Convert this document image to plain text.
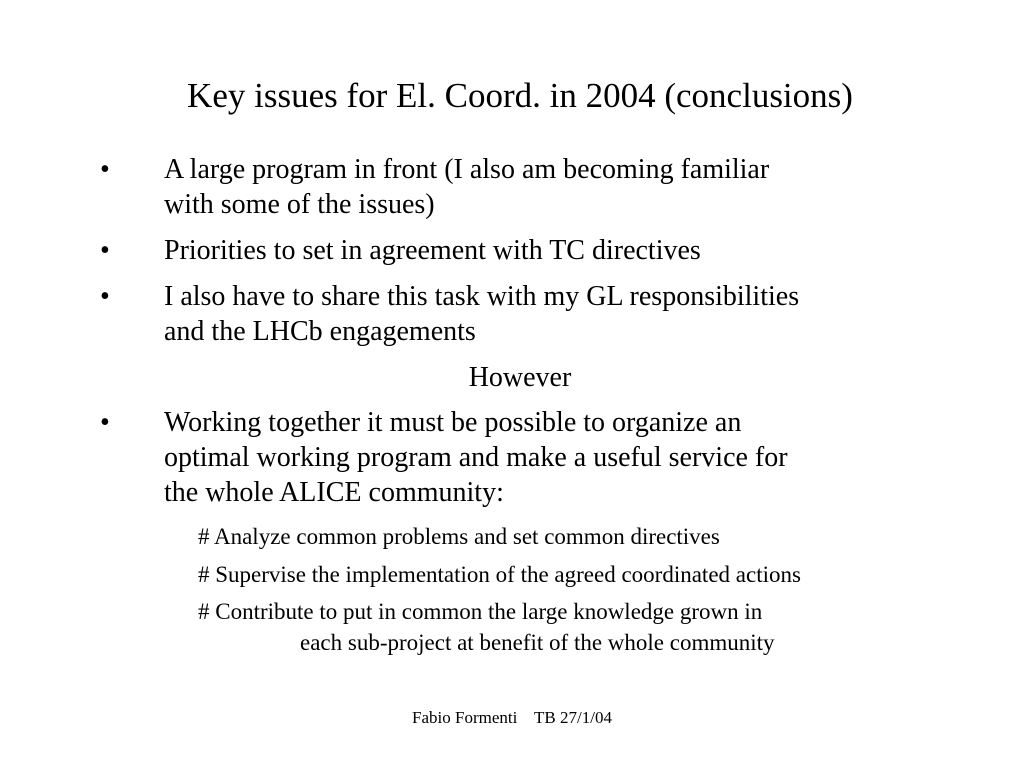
Key issues for El. Coord. in 2004 (conclusions)
•	A large program in front (I also am becoming familiar
with some of the issues)
•	Priorities to set in agreement with TC directives
•	I also have to share this task with my GL responsibilities
and the LHCb engagements
However
•	Working together it must be possible to organize an
optimal working program and make a useful service for
the whole ALICE community:
# Analyze common problems and set common directives
# Supervise the implementation of the agreed coordinated actions
# Contribute to put in common the large knowledge grown in
each sub-project at benefit of the whole community
Fabio Formenti TB 27/1/04
